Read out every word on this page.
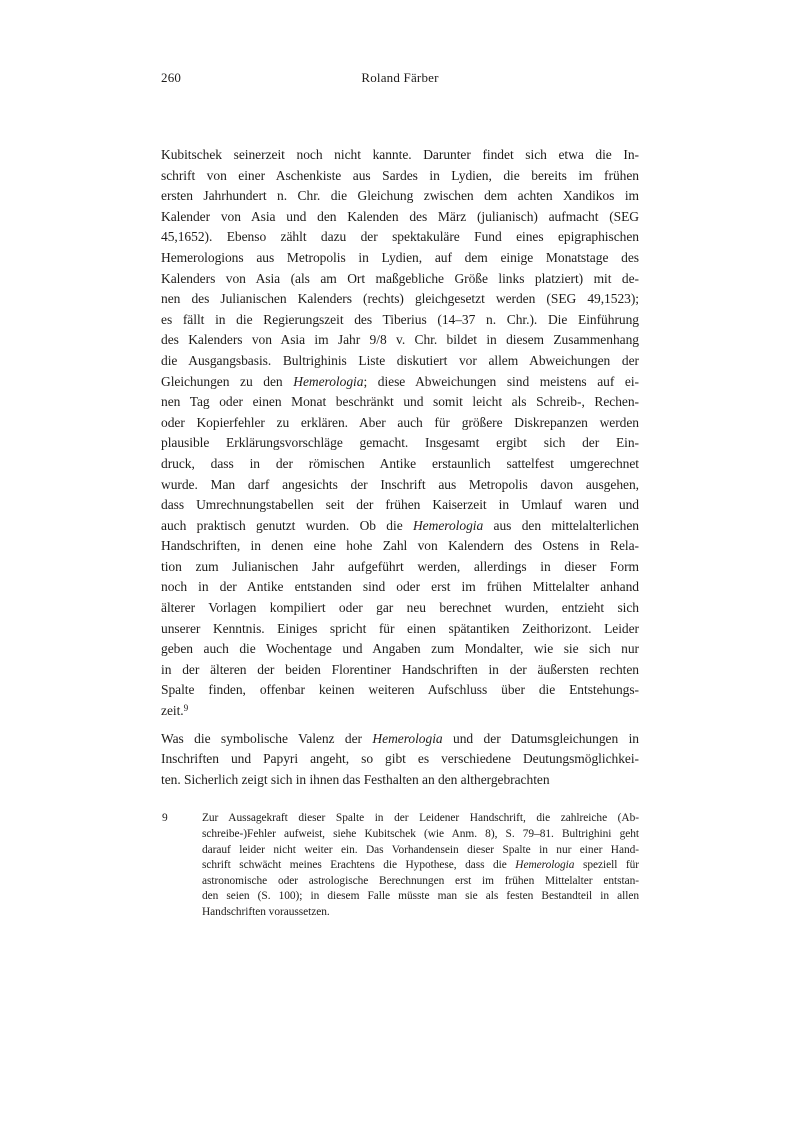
260	Roland Färber
Kubitschek seinerzeit noch nicht kannte. Darunter findet sich etwa die In-
schrift von einer Aschenkiste aus Sardes in Lydien, die bereits im frühen
ersten Jahrhundert n. Chr. die Gleichung zwischen dem achten Xandikos im
Kalender von Asia und den Kalenden des März (julianisch) aufmacht (SEG
45,1652). Ebenso zählt dazu der spektakuläre Fund eines epigraphischen
Hemerologions aus Metropolis in Lydien, auf dem einige Monatstage des
Kalenders von Asia (als am Ort maßgebliche Größe links platziert) mit de-
nen des Julianischen Kalenders (rechts) gleichgesetzt werden (SEG 49,1523);
es fällt in die Regierungszeit des Tiberius (14–37 n. Chr.). Die Einführung
des Kalenders von Asia im Jahr 9/8 v. Chr. bildet in diesem Zusammenhang
die Ausgangsbasis. Bultrighinis Liste diskutiert vor allem Abweichungen der
Gleichungen zu den Hemerologia; diese Abweichungen sind meistens auf ei-
nen Tag oder einen Monat beschränkt und somit leicht als Schreib-, Rechen-
oder Kopierfehler zu erklären. Aber auch für größere Diskrepanzen werden
plausible Erklärungsvorschläge gemacht. Insgesamt ergibt sich der Ein-
druck, dass in der römischen Antike erstaunlich sattelfest umgerechnet
wurde. Man darf angesichts der Inschrift aus Metropolis davon ausgehen,
dass Umrechnungstabellen seit der frühen Kaiserzeit in Umlauf waren und
auch praktisch genutzt wurden. Ob die Hemerologia aus den mittelalterlichen
Handschriften, in denen eine hohe Zahl von Kalendern des Ostens in Rela-
tion zum Julianischen Jahr aufgeführt werden, allerdings in dieser Form
noch in der Antike entstanden sind oder erst im frühen Mittelalter anhand
älterer Vorlagen kompiliert oder gar neu berechnet wurden, entzieht sich
unserer Kenntnis. Einiges spricht für einen spätantiken Zeithorizont. Leider
geben auch die Wochentage und Angaben zum Mondalter, wie sie sich nur
in der älteren der beiden Florentiner Handschriften in der äußersten rechten
Spalte finden, offenbar keinen weiteren Aufschluss über die Entstehungs-
zeit.$^9$
Was die symbolische Valenz der Hemerologia und der Datumsgleichungen in
Inschriften und Papyri angeht, so gibt es verschiedene Deutungsmöglichkei-
ten. Sicherlich zeigt sich in ihnen das Festhalten an den althergebrachten
9	Zur Aussagekraft dieser Spalte in der Leidener Handschrift, die zahlreiche (Ab-
schreibe-)Fehler aufweist, siehe Kubitschek (wie Anm. 8), S. 79–81. Bultrighini geht
darauf leider nicht weiter ein. Das Vorhandensein dieser Spalte in nur einer Hand-
schrift schwächt meines Erachtens die Hypothese, dass die Hemerologia speziell für
astronomische oder astrologische Berechnungen erst im frühen Mittelalter entstan-
den seien (S. 100); in diesem Falle müsste man sie als festen Bestandteil in allen
Handschriften voraussetzen.
